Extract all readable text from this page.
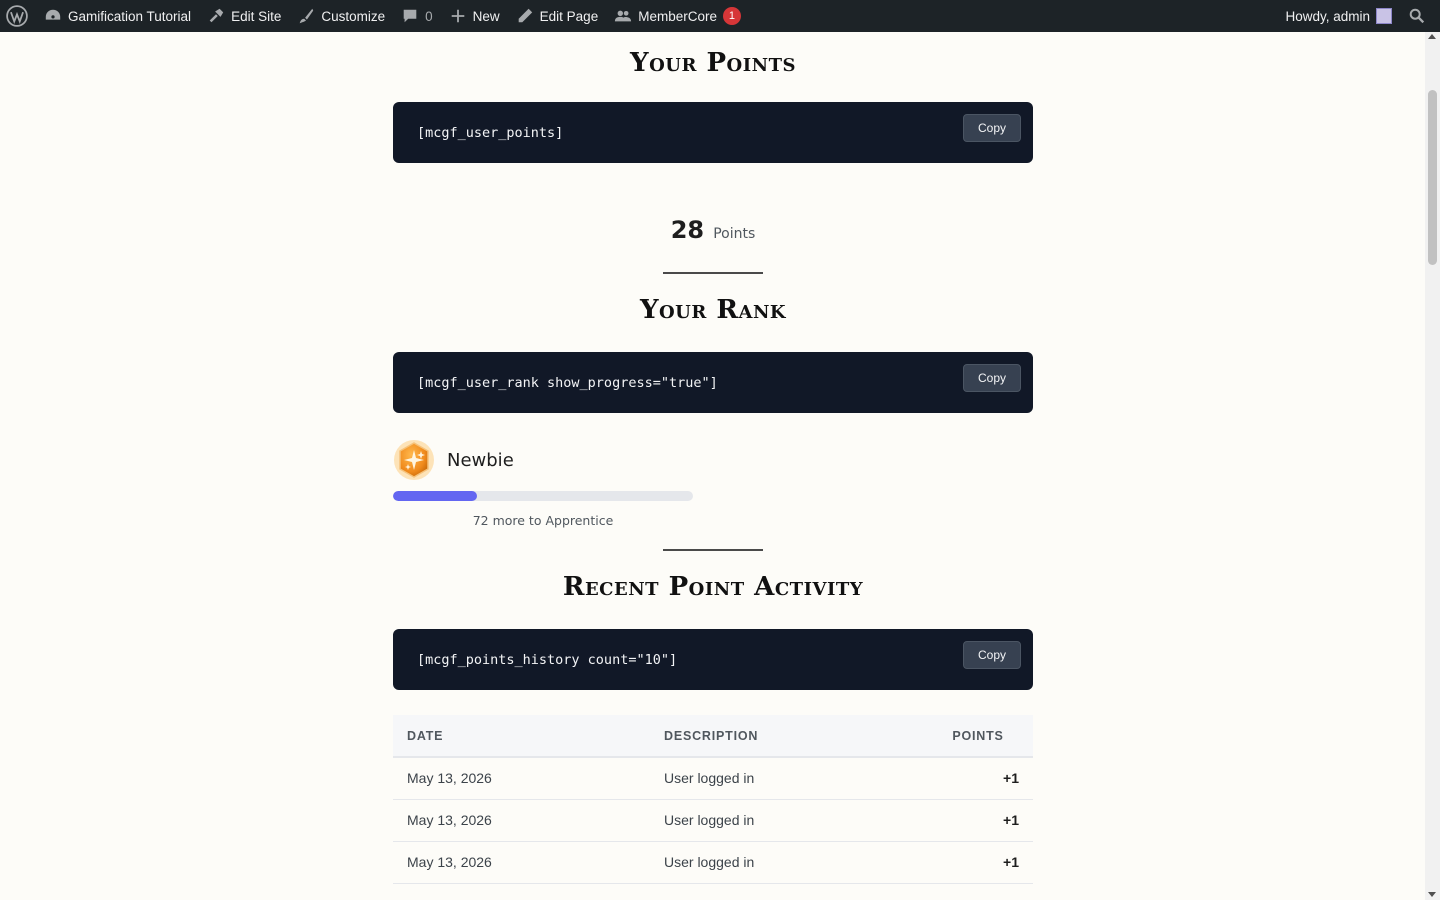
Gamification Tutorial	Edit Site	Customize	0	New	Edit Page	MemberCore	1	Howdy, admin
Your Points
[mcgf_user_points]	Copy
28 Points
Your Rank
[mcgf_user_rank show_progress="true"]	Copy
Newbie
72 more to Apprentice
Recent Point Activity
[mcgf_points_history count="10"]	Copy
DATE	DESCRIPTION	POINTS
May 13, 2026	User logged in	+1
May 13, 2026	User logged in	+1
May 13, 2026	User logged in	+1
